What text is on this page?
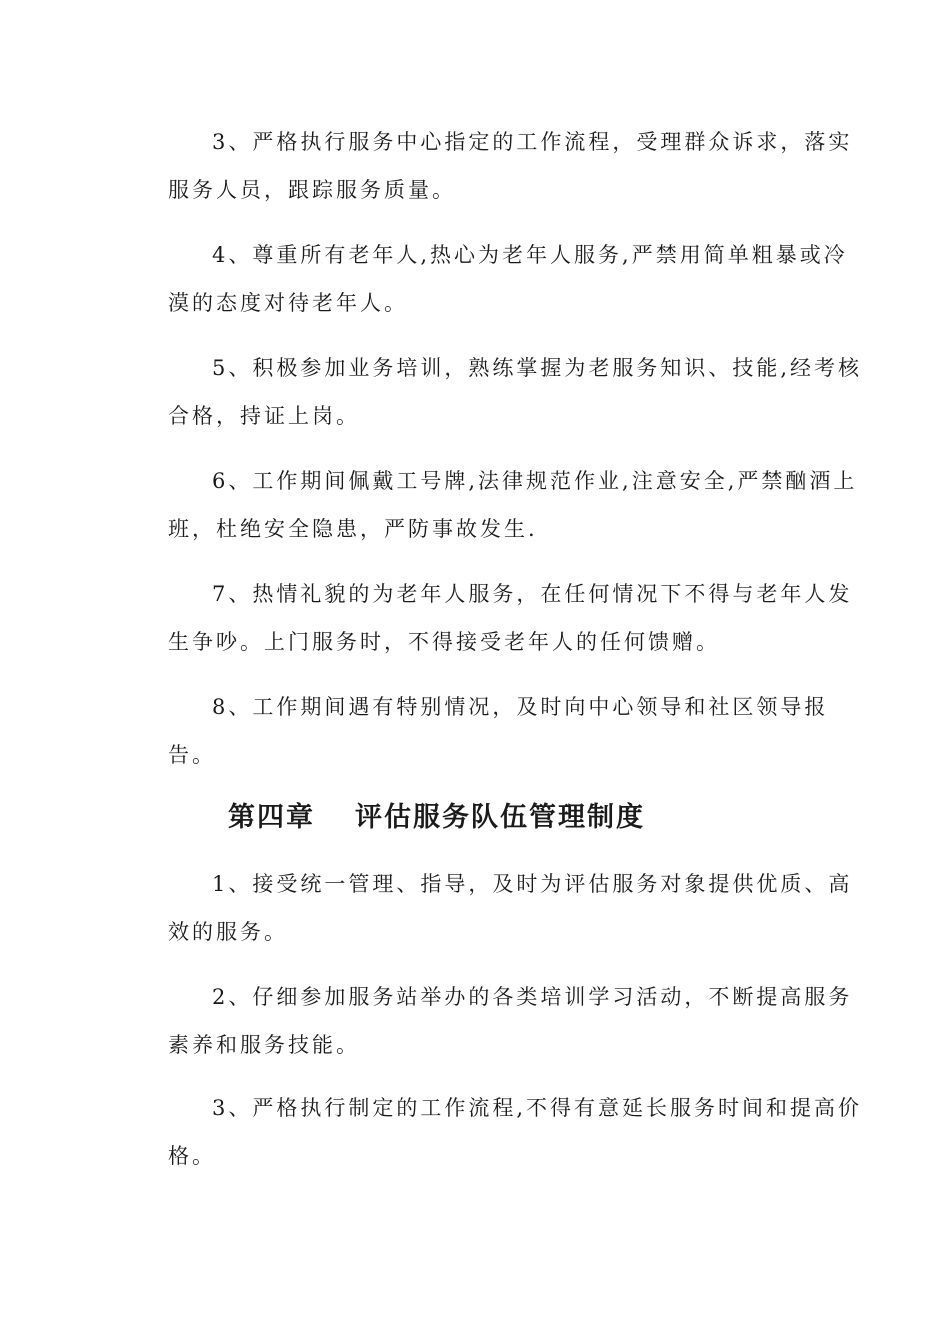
3、严格执行服务中心指定的工作流程，受理群众诉求，落实
服务人员，跟踪服务质量。
4、尊重所有老年人,热心为老年人服务,严禁用简单粗暴或冷
漠的态度对待老年人。
5、积极参加业务培训，熟练掌握为老服务知识、技能,经考核
合格，持证上岗。
6、工作期间佩戴工号牌,法律规范作业,注意安全,严禁酗酒上
班，杜绝安全隐患，严防事故发生.
7、热情礼貌的为老年人服务，在任何情况下不得与老年人发
生争吵。上门服务时，不得接受老年人的任何馈赠。
8、工作期间遇有特别情况，及时向中心领导和社区领导报
告。
第四章 评估服务队伍管理制度
1、接受统一管理、指导，及时为评估服务对象提供优质、高
效的服务。
2、仔细参加服务站举办的各类培训学习活动，不断提高服务
素养和服务技能。
3、严格执行制定的工作流程,不得有意延长服务时间和提高价
格。
